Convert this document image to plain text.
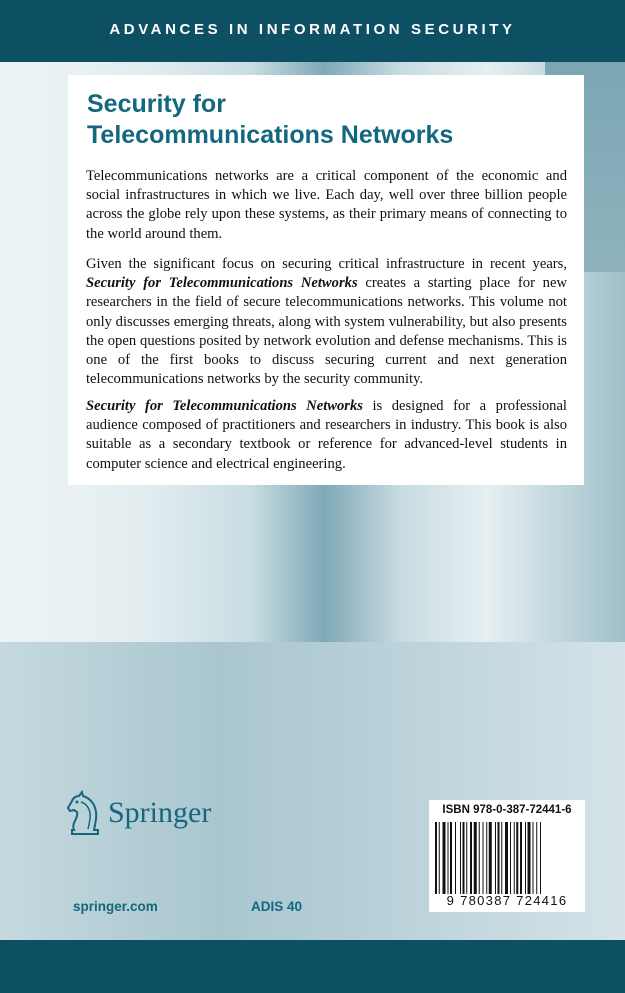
ADVANCES IN INFORMATION SECURITY
Security for
Telecommunications Networks

Telecommunications networks are a critical component of the economic and social infrastructures in which we live. Each day, well over three billion people across the globe rely upon these systems, as their primary means of connecting to the world around them.

Given the significant focus on securing critical infrastructure in recent years, Security for Telecommunications Networks creates a starting place for new researchers in the field of secure telecommunications networks. This volume not only discusses emerging threats, along with system vulnerability, but also presents the open questions posited by network evolution and defense mechanisms. This is one of the first books to discuss securing current and next generation telecommunications networks by the security community.

Security for Telecommunications Networks is designed for a professional audience composed of practitioners and researchers in industry. This book is also suitable as a secondary textbook or reference for advanced-level students in computer science and electrical engineering.

Springer
springer.com	ADIS 40
ISBN 978-0-387-72441-6
9 780387 724416
